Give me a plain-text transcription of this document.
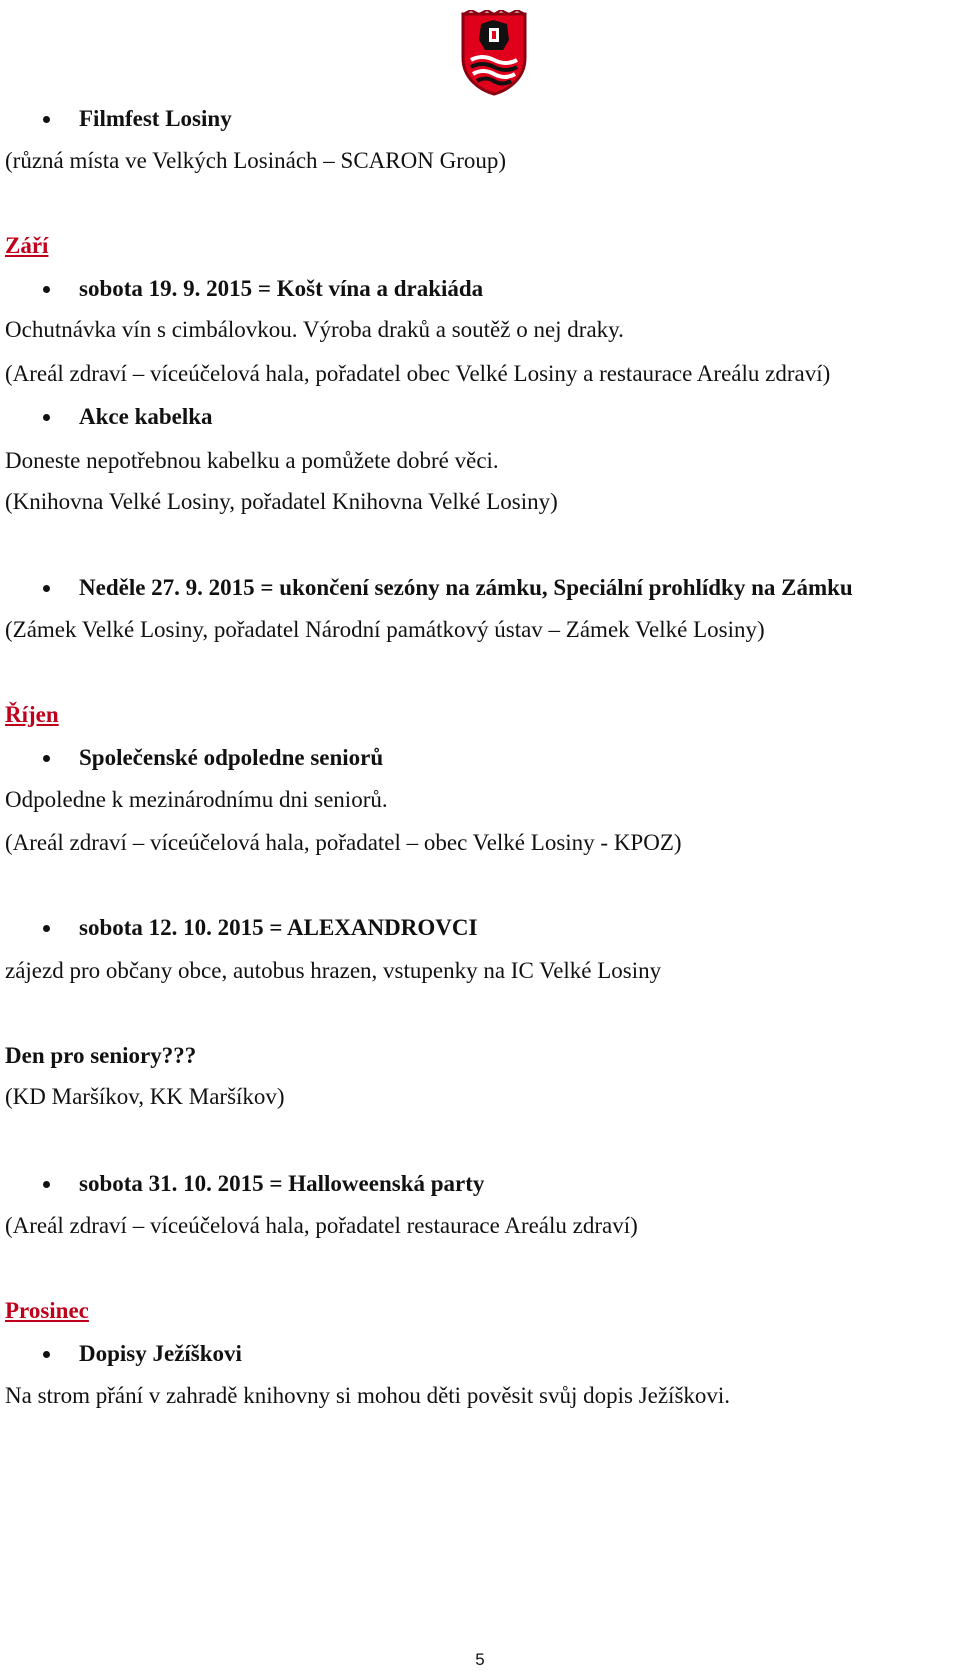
Filmfest Losiny
(různá místa ve Velkých Losinách – SCARON Group)
Září
sobota 19. 9. 2015 = Košt vína a drakiáda
Ochutnávka vín s cimbálovkou. Výroba draků a soutěž o nej draky.
(Areál zdraví – víceúčelová hala, pořadatel obec Velké Losiny a restaurace Areálu zdraví)
Akce kabelka
Doneste nepotřebnou kabelku a pomůžete dobré věci.
(Knihovna Velké Losiny, pořadatel Knihovna Velké Losiny)
Neděle 27. 9. 2015 = ukončení sezóny na zámku, Speciální prohlídky na Zámku
(Zámek Velké Losiny, pořadatel Národní památkový ústav – Zámek Velké Losiny)
Říjen
Společenské odpoledne seniorů
Odpoledne k mezinárodnímu dni seniorů.
(Areál zdraví – víceúčelová hala, pořadatel – obec Velké Losiny - KPOZ)
sobota 12. 10. 2015 = ALEXANDROVCI
zájezd pro občany obce, autobus hrazen, vstupenky na IC Velké Losiny
Den pro seniory???
(KD Maršíkov, KK Maršíkov)
sobota 31. 10. 2015 = Halloweenská party
(Areál zdraví – víceúčelová hala, pořadatel restaurace Areálu zdraví)
Prosinec
Dopisy Ježíškovi
Na strom přání v zahradě knihovny si mohou děti pověsit svůj dopis Ježíškovi.
5
